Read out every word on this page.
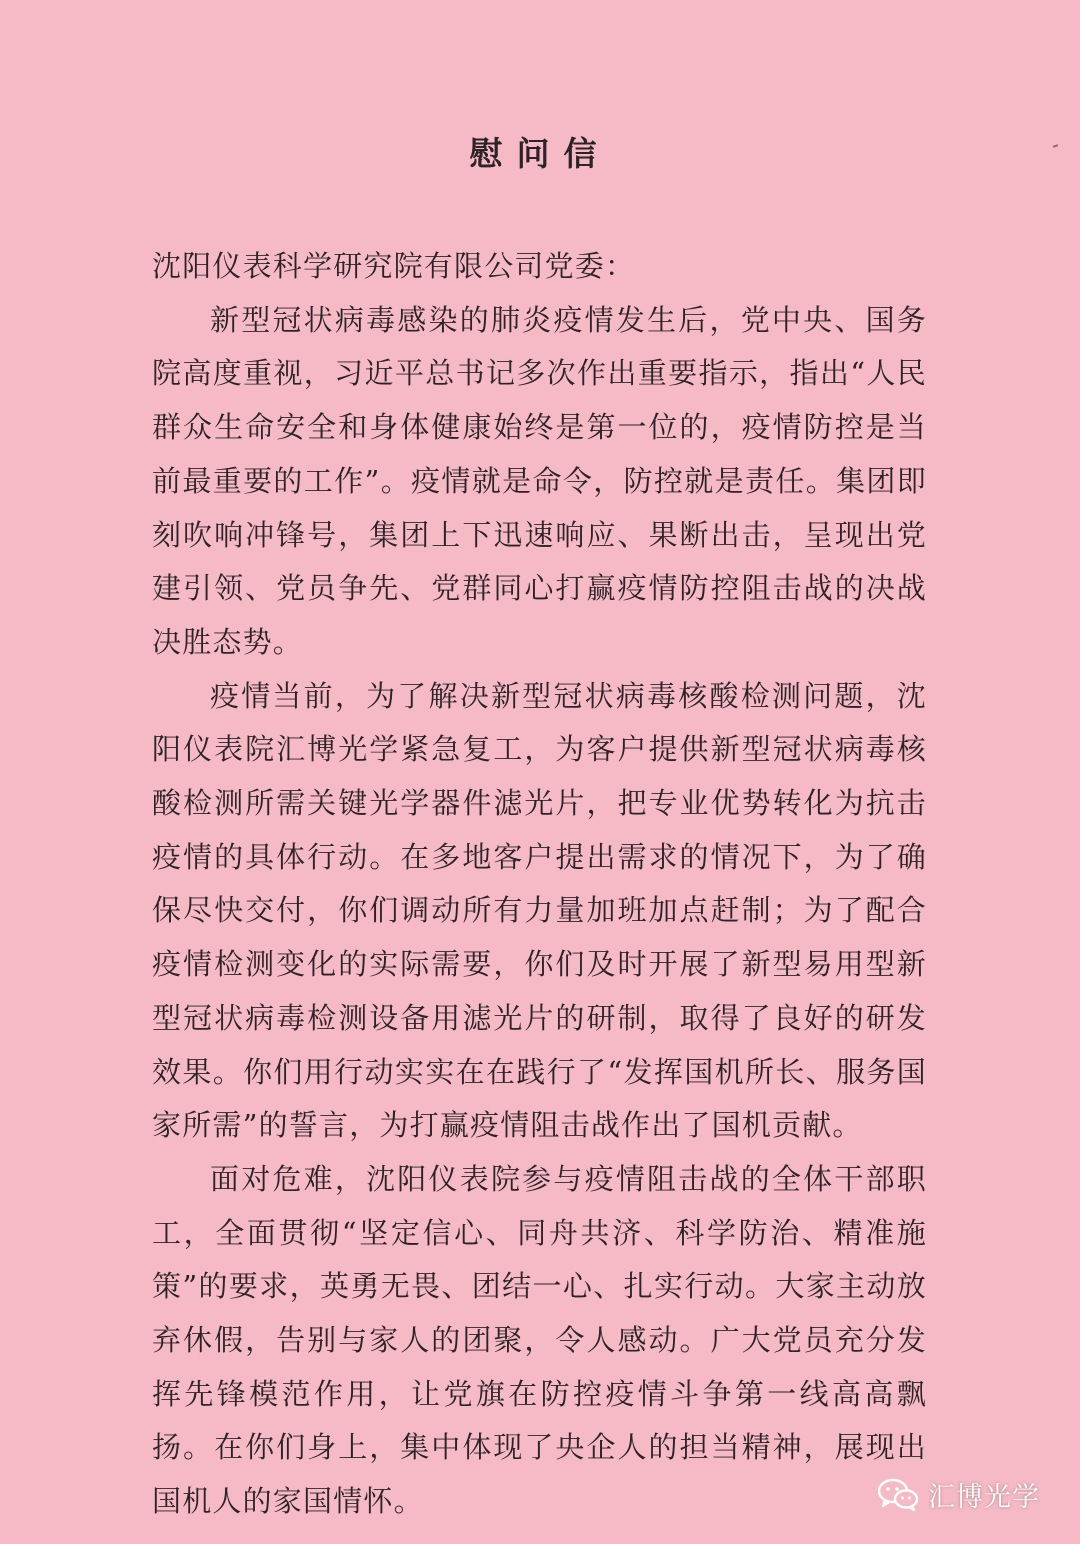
慰问信

沈阳仪表科学研究院有限公司党委：

新型冠状病毒感染的肺炎疫情发生后，党中央、国务院高度重视，习近平总书记多次作出重要指示，指出“人民群众生命安全和身体健康始终是第一位的，疫情防控是当前最重要的工作”。疫情就是命令，防控就是责任。集团即刻吹响冲锋号，集团上下迅速响应、果断出击，呈现出党建引领、党员争先、党群同心打赢疫情防控阻击战的决战决胜态势。

疫情当前，为了解决新型冠状病毒核酸检测问题，沈阳仪表院汇博光学紧急复工，为客户提供新型冠状病毒核酸检测所需关键光学器件滤光片，把专业优势转化为抗击疫情的具体行动。在多地客户提出需求的情况下，为了确保尽快交付，你们调动所有力量加班加点赶制；为了配合疫情检测变化的实际需要，你们及时开展了新型易用型新型冠状病毒检测设备用滤光片的研制，取得了良好的研发效果。你们用行动实实在在践行了“发挥国机所长、服务国家所需”的誓言，为打赢疫情阻击战作出了国机贡献。

面对危难，沈阳仪表院参与疫情阻击战的全体干部职工，全面贯彻“坚定信心、同舟共济、科学防治、精准施策”的要求，英勇无畏、团结一心、扎实行动。大家主动放弃休假，告别与家人的团聚，令人感动。广大党员充分发挥先锋模范作用，让党旗在防控疫情斗争第一线高高飘扬。在你们身上，集中体现了央企人的担当精神，展现出国机人的家国情怀。	汇博光学
